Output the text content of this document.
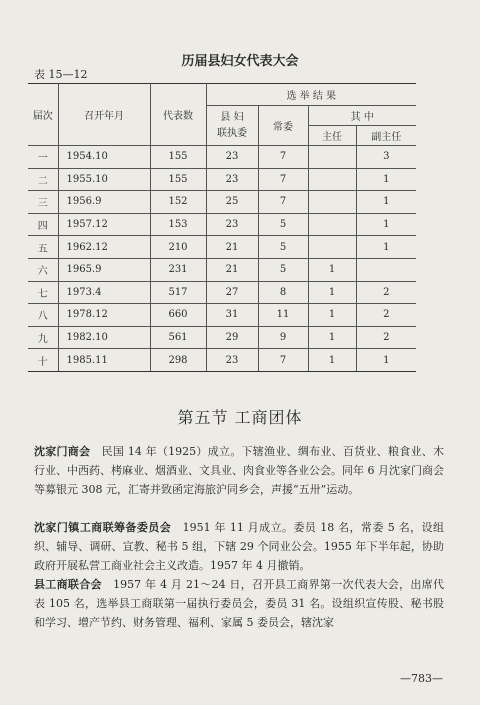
历届县妇女代表大会
表 15—12
届次	召开年月	代表数	选 举 结 果			

			县 妇
联执委	常委	其 中	
					主任	副主任
一	1954.10	155	23	7		3
二	1955.10	155	23	7		1
三	1956.9	152	25	7		1
四	1957.12	153	23	5		1
五	1962.12	210	21	5		1
六	1965.9	231	21	5	1	
七	1973.4	517	27	8	1	2
八	1978.12	660	31	11	1	2
九	1982.10	561	29	9	1	2
十	1985.11	298	23	7	1	1
第五节 工商团体

沈家门商会　民国 14 年（1925）成立。下辖渔业、绸布业、百货业、粮食业、木行业、中西药、栲麻业、烟酒业、文具业、肉食业等各业公会。同年 6 月沈家门商会等募银元 308 元，汇寄并致函定海旅沪同乡会，声援“五卅”运动。

沈家门镇工商联筹备委员会　1951 年 11 月成立。委员 18 名，常委 5 名，设组织、辅导、调研、宣教、秘书 5 组，下辖 29 个同业公会。1955 年下半年起，协助政府开展私营工商业社会主义改造。1957 年 4 月撤销。

县工商联合会　1957 年 4 月 21～24 日，召开县工商界第一次代表大会，出席代表 105 名，选举县工商联第一届执行委员会，委员 31 名。设组织宣传股、秘书股和学习、增产节约、财务管理、福利、家属 5 委员会，辖沈家

—783—
